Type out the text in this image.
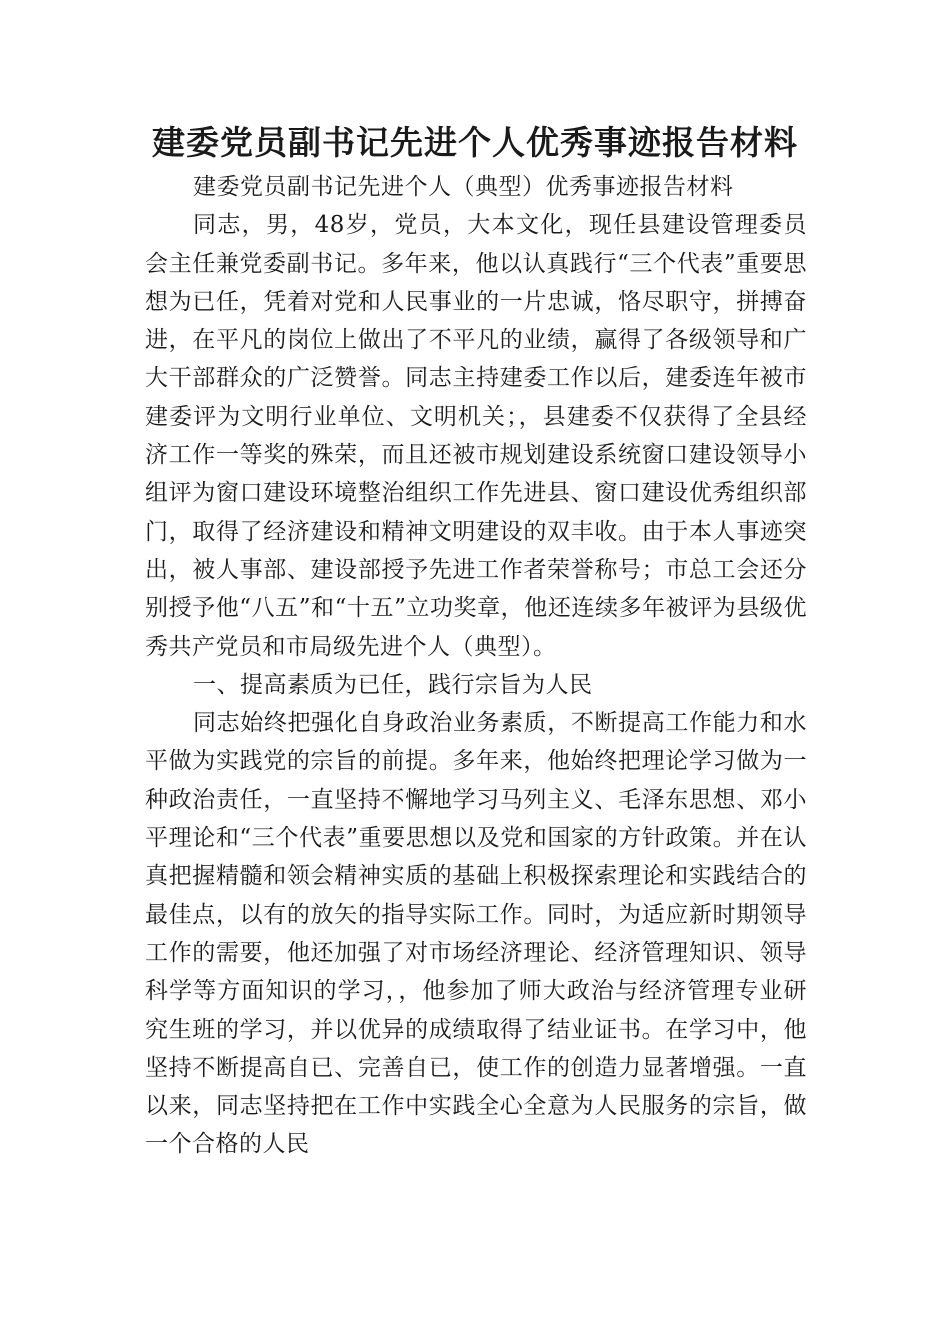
建委党员副书记先进个人优秀事迹报告材料

建委党员副书记先进个人（典型）优秀事迹报告材料

同志，男，48岁，党员，大本文化，现任县建设管理委员会主任兼党委副书记。多年来，他以认真践行“三个代表”重要思想为已任，凭着对党和人民事业的一片忠诚，恪尽职守，拼搏奋进，在平凡的岗位上做出了不平凡的业绩，赢得了各级领导和广大干部群众的广泛赞誉。同志主持建委工作以后，建委连年被市建委评为文明行业单位、文明机关；，县建委不仅获得了全县经济工作一等奖的殊荣，而且还被市规划建设系统窗口建设领导小组评为窗口建设环境整治组织工作先进县、窗口建设优秀组织部门，取得了经济建设和精神文明建设的双丰收。由于本人事迹突出，被人事部、建设部授予先进工作者荣誉称号；市总工会还分别授予他“八五”和“十五”立功奖章，他还连续多年被评为县级优秀共产党员和市局级先进个人（典型）。

一、提高素质为已任，践行宗旨为人民

同志始终把强化自身政治业务素质，不断提高工作能力和水平做为实践党的宗旨的前提。多年来，他始终把理论学习做为一种政治责任，一直坚持不懈地学习马列主义、毛泽东思想、邓小平理论和“三个代表”重要思想以及党和国家的方针政策。并在认真把握精髓和领会精神实质的基础上积极探索理论和实践结合的最佳点，以有的放矢的指导实际工作。同时，为适应新时期领导工作的需要，他还加强了对市场经济理论、经济管理知识、领导科学等方面知识的学习，，他参加了师大政治与经济管理专业研究生班的学习，并以优异的成绩取得了结业证书。在学习中，他坚持不断提高自已、完善自已，使工作的创造力显著增强。一直以来，同志坚持把在工作中实践全心全意为人民服务的宗旨，做一个合格的人民
